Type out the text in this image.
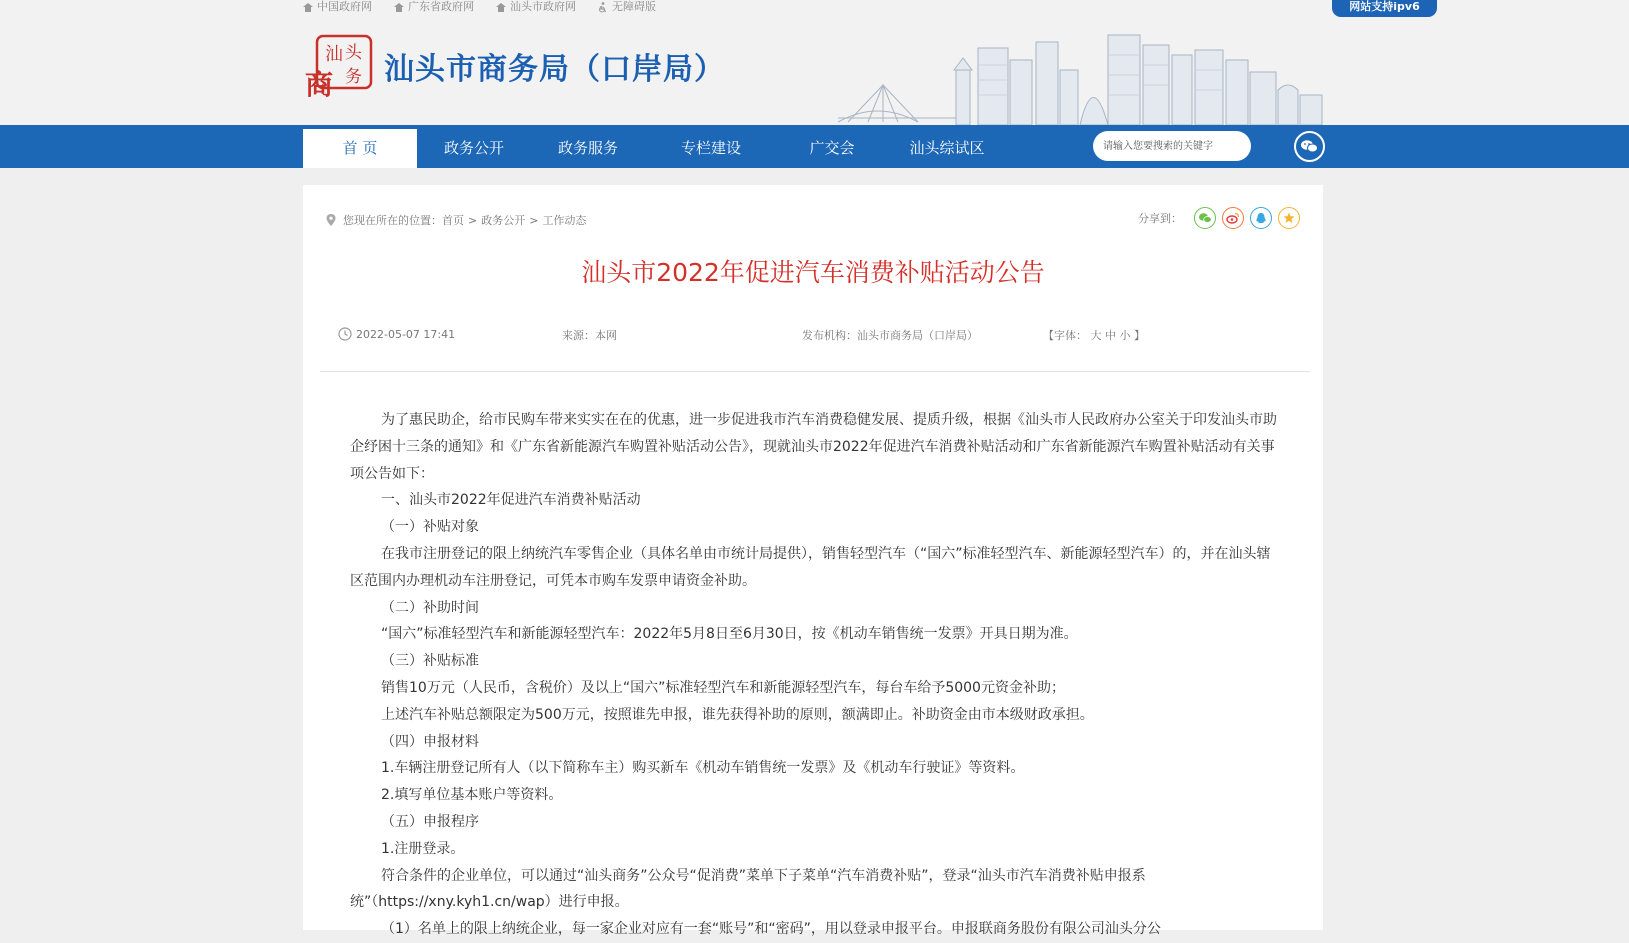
中国政府网	广东省政府网	汕头市政府网	无障碍版	网站支持ipv6
汕 头
商 务 汕头市商务局（口岸局）
首 页	政务公开	政务服务	专栏建设	广交会	汕头综试区
请输入您要搜索的关键字
您现在所在的位置： 首页 > 政务公开 > 工作动态	分享到：
汕头市2022年促进汽车消费补贴活动公告
2022-05-07 17:41	来源：本网	发布机构：汕头市商务局（口岸局）	【字体： 大 中 小 】

为了惠民助企，给市民购车带来实实在在的优惠，进一步促进我市汽车消费稳健发展、提质升级，根据《汕头市人民政府办公室关于印发汕头市助企纾困十三条的通知》和《广东省新能源汽车购置补贴活动公告》，现就汕头市2022年促进汽车消费补贴活动和广东省新能源汽车购置补贴活动有关事项公告如下：

一、汕头市2022年促进汽车消费补贴活动

（一）补贴对象

在我市注册登记的限上纳统汽车零售企业（具体名单由市统计局提供），销售轻型汽车（“国六”标准轻型汽车、新能源轻型汽车）的，并在汕头辖区范围内办理机动车注册登记，可凭本市购车发票申请资金补助。

（二）补助时间

“国六”标准轻型汽车和新能源轻型汽车：2022年5月8日至6月30日，按《机动车销售统一发票》开具日期为准。

（三）补贴标准

销售10万元（人民币，含税价）及以上“国六”标准轻型汽车和新能源轻型汽车，每台车给予5000元资金补助；

上述汽车补贴总额限定为500万元，按照谁先申报，谁先获得补助的原则，额满即止。补助资金由市本级财政承担。

（四）申报材料

1.车辆注册登记所有人（以下简称车主）购买新车《机动车销售统一发票》及《机动车行驶证》等资料。

2.填写单位基本账户等资料。

（五）申报程序

1.注册登录。

符合条件的企业单位，可以通过“汕头商务”公众号“促消费”菜单下子菜单“汽车消费补贴”，登录“汕头市汽车消费补贴申报系统”（https://xny.kyh1.cn/wap）进行申报。

（1）名单上的限上纳统企业，每一家企业对应有一套“账号”和“密码”，用以登录申报平台。申报联商务股份有限公司汕头分公
